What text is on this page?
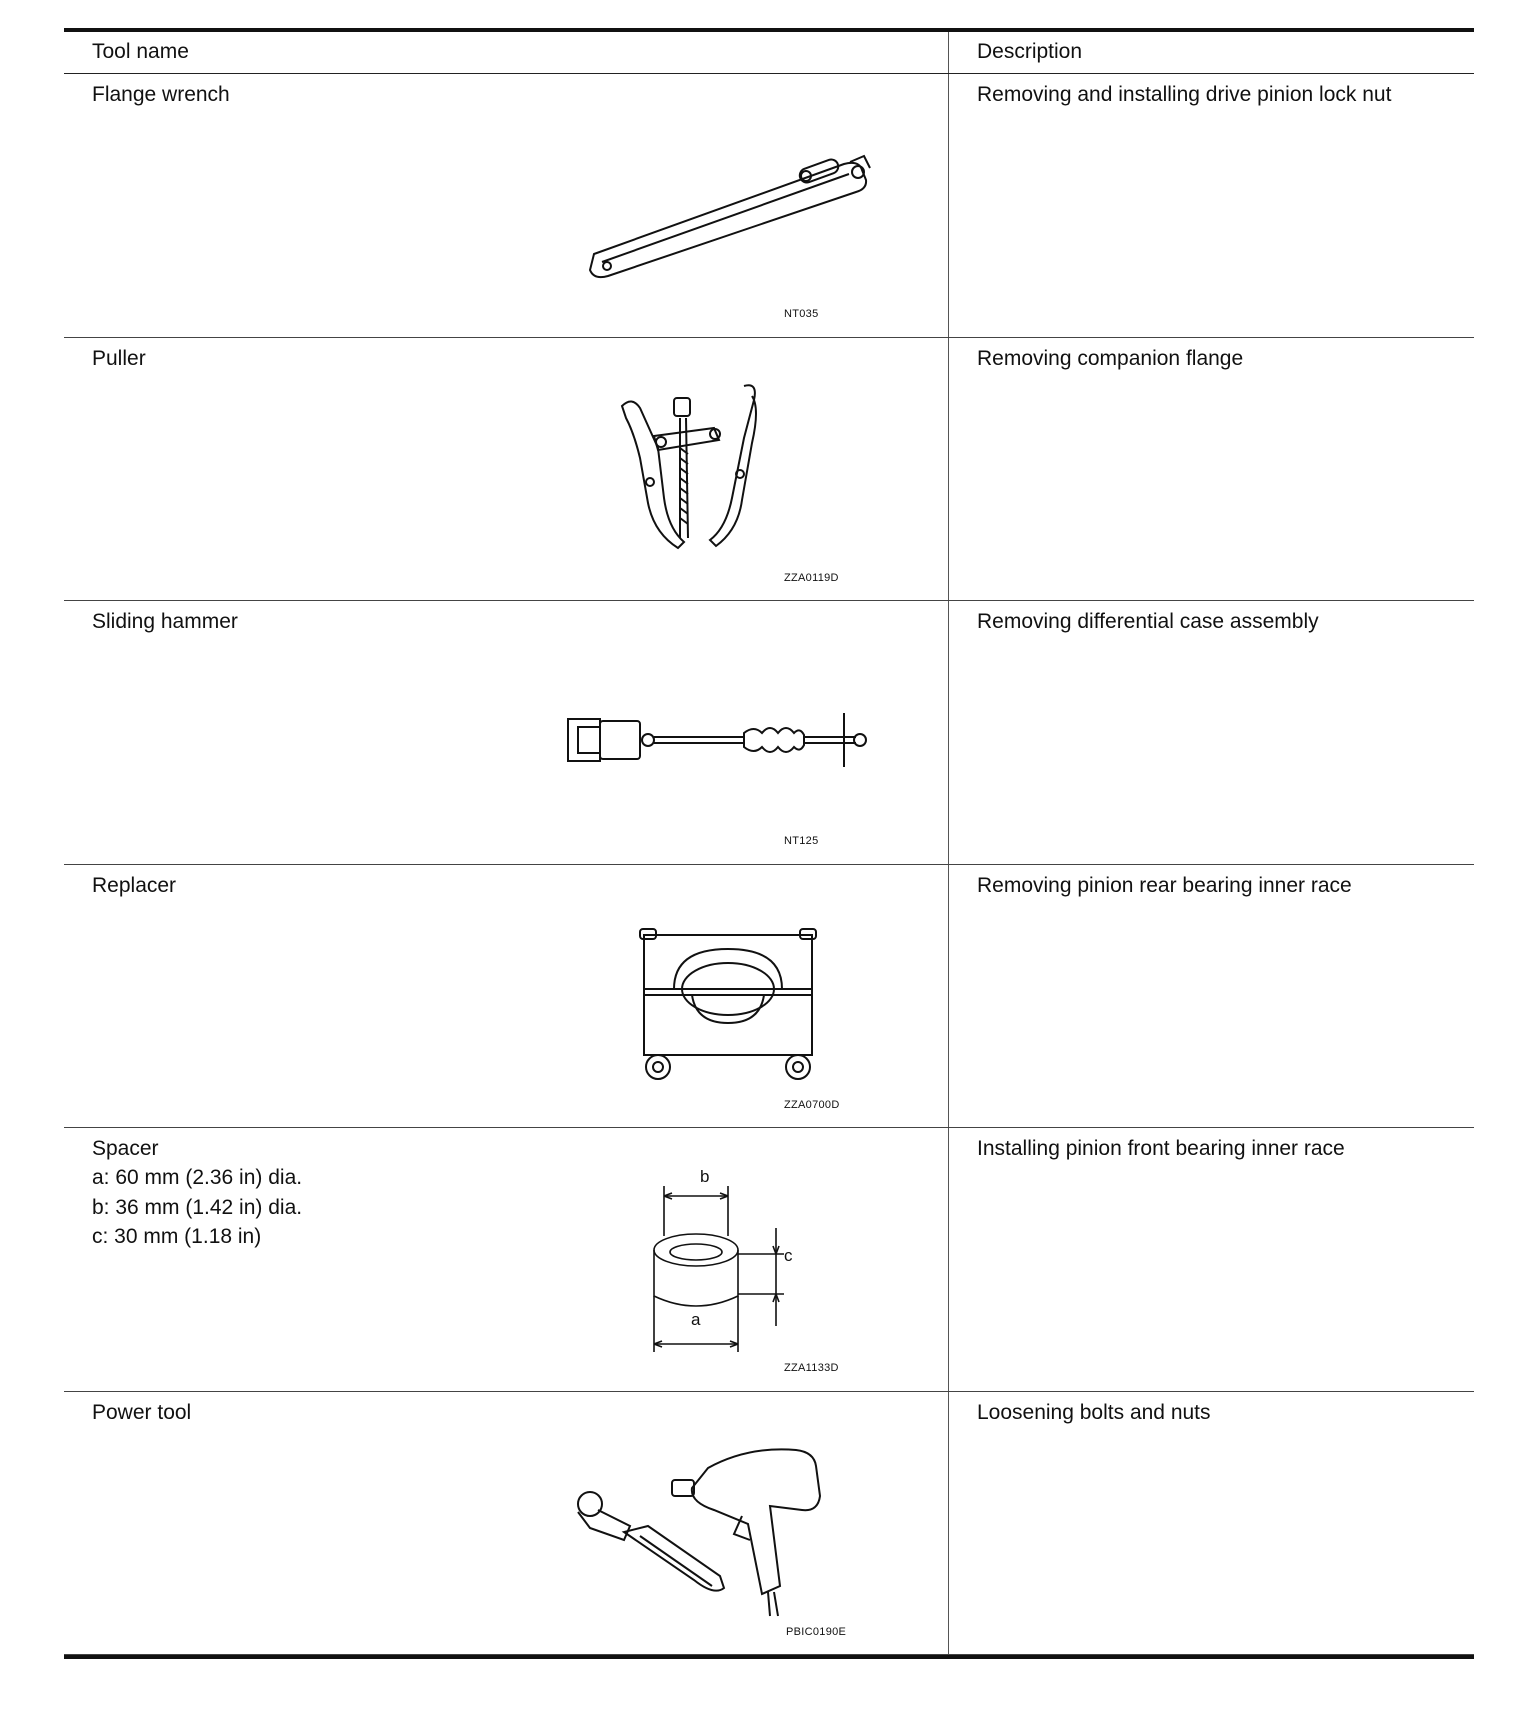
Tool name	Description
Flange wrench
NT035
Removing and installing drive pinion lock nut
Puller
ZZA0119D
Removing companion flange
Sliding hammer
NT125
Removing differential case assembly
Replacer
ZZA0700D
Removing pinion rear bearing inner race
Spacer
a: 60 mm (2.36 in) dia.
b: 36 mm (1.42 in) dia.
c: 30 mm (1.18 in)
b
c
a
ZZA1133D
Installing pinion front bearing inner race
Power tool
PBIC0190E
Loosening bolts and nuts
